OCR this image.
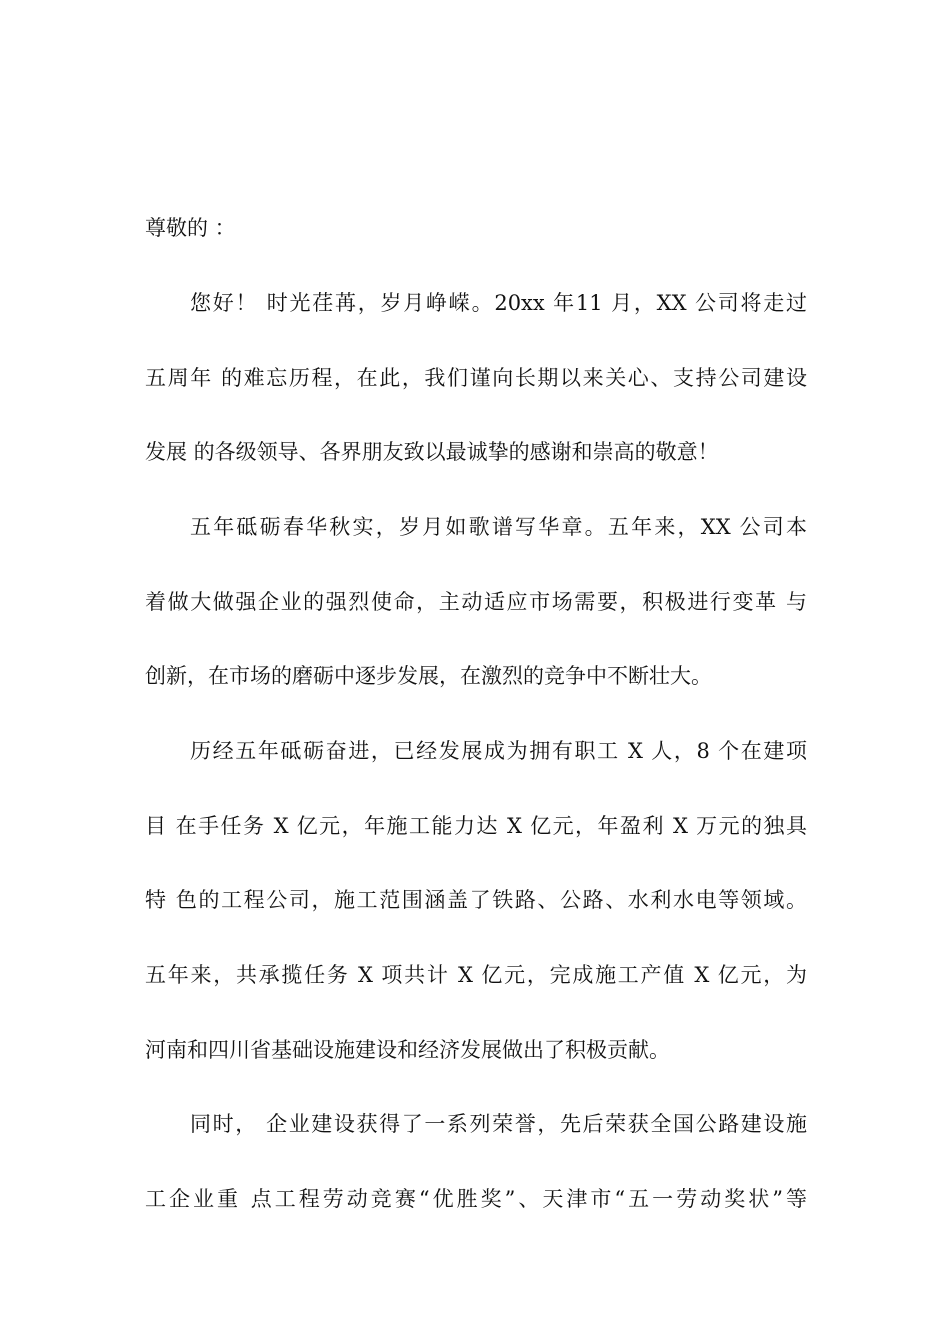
尊敬的 ：
您好！ 时光荏苒，岁月峥嵘。20xx 年11 月，XX 公司将走过
五周年 的难忘历程，在此，我们谨向长期以来关心、支持公司建设
发展 的各级领导、各界朋友致以最诚挚的感谢和崇高的敬意！
五年砥砺春华秋实，岁月如歌谱写华章。五年来，XX 公司本
着做大做强企业的强烈使命，主动适应市场需要，积极进行变革 与
创新，在市场的磨砺中逐步发展，在激烈的竞争中不断壮大。
历经五年砥砺奋进，已经发展成为拥有职工 X 人，8 个在建项
目 在手任务 X 亿元，年施工能力达 X 亿元，年盈利 X 万元的独具
特 色的工程公司，施工范围涵盖了铁路、公路、水利水电等领域。
五年来，共承揽任务 X 项共计 X 亿元，完成施工产值 X 亿元，为
河南和四川省基础设施建设和经济发展做出了积极贡献。
同时， 企业建设获得了一系列荣誉，先后荣获全国公路建设施
工企业重 点工程劳动竞赛“优胜奖”、天津市“五一劳动奖状”等
